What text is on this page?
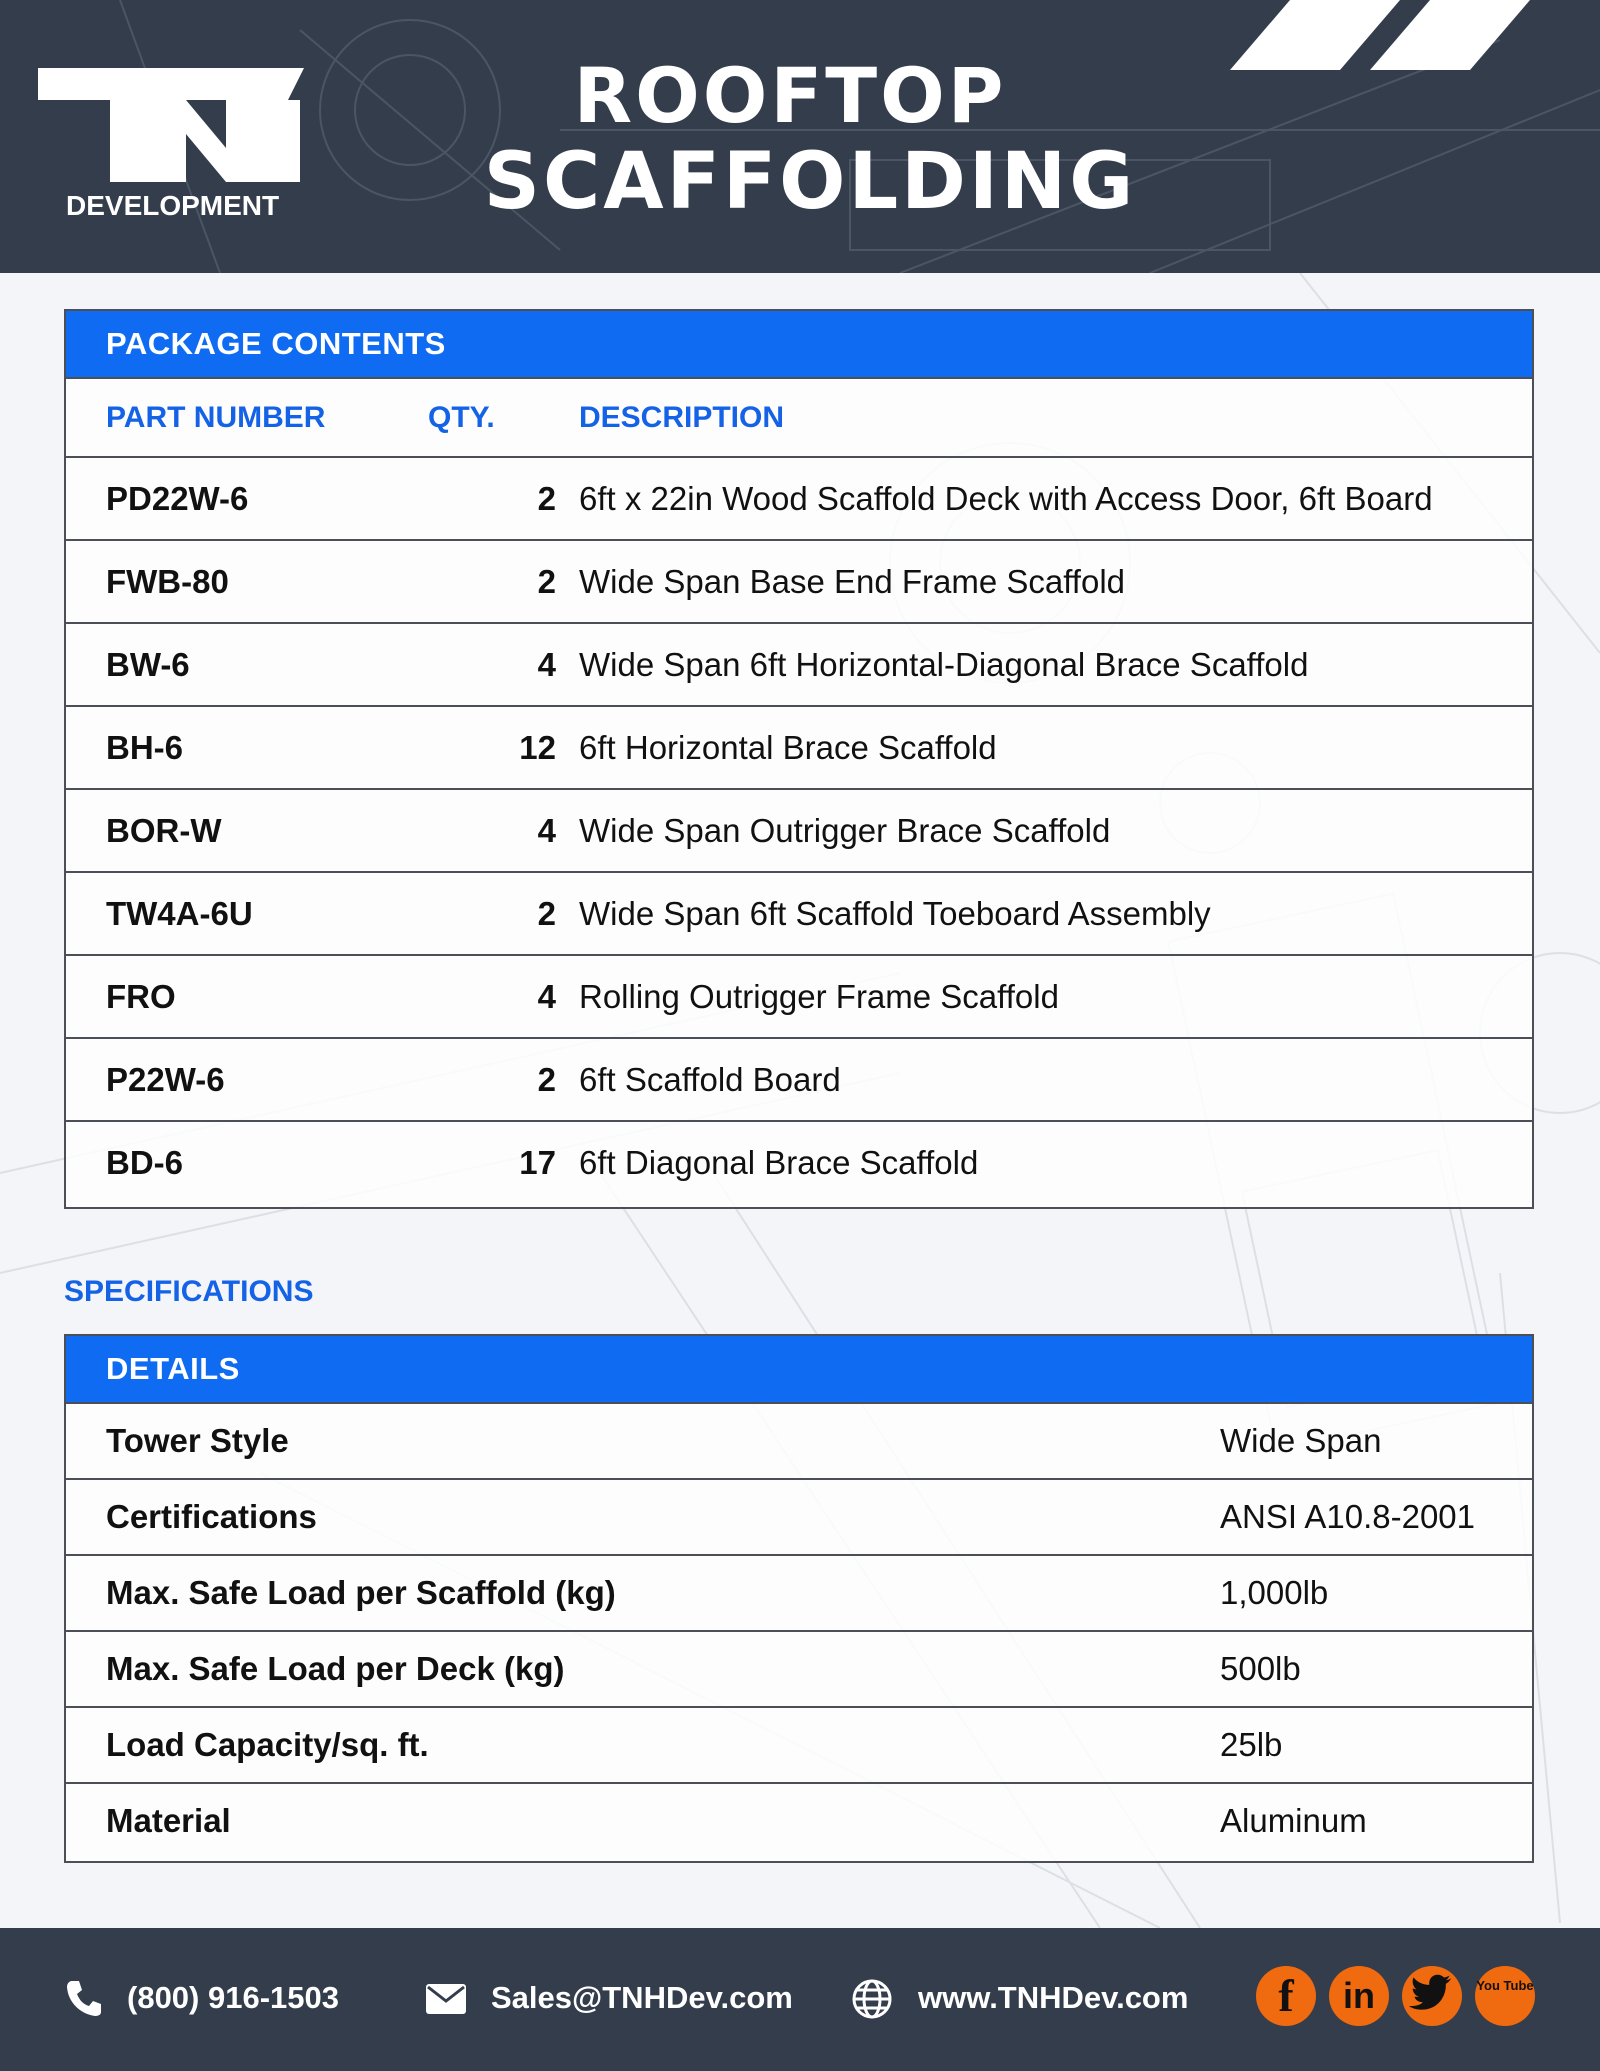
DEVELOPMENT
ROOFTOP
SCAFFOLDING
PACKAGE CONTENTS
PART NUMBER	QTY.	DESCRIPTION
PD22W-6	2 6ft x 22in Wood Scaffold Deck with Access Door, 6ft Board
FWB-80	2 Wide Span Base End Frame Scaffold
BW-6	4 Wide Span 6ft Horizontal-Diagonal Brace Scaffold
BH-6	12 6ft Horizontal Brace Scaffold
BOR-W	4 Wide Span Outrigger Brace Scaffold
TW4A-6U	2 Wide Span 6ft Scaffold Toeboard Assembly
FRO	4 Rolling Outrigger Frame Scaffold
P22W-6	2 6ft Scaffold Board
BD-6	17 6ft Diagonal Brace Scaffold
SPECIFICATIONS
DETAILS
Tower Style	Wide Span
Certifications	ANSI A10.8-2001
Max. Safe Load per Scaffold (kg)	1,000lb
Max. Safe Load per Deck (kg)	500lb
Load Capacity/sq. ft.	25lb
Material	Aluminum
(800) 916-1503	Sales@TNHDev.com	www.TNHDev.com	f	in	You Tube
